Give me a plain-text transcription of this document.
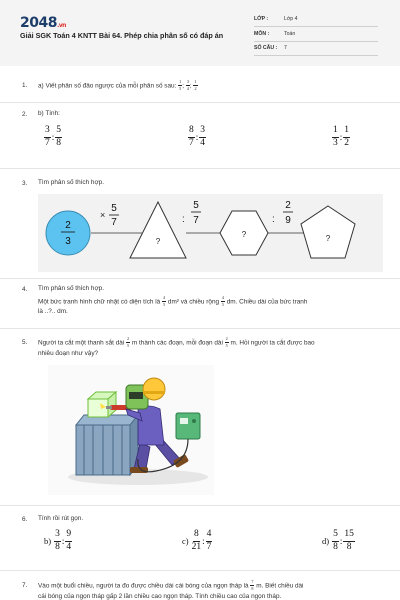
2048.vn
Giải SGK Toán 4 KNTT Bài 64. Phép chia phân số có đáp án
LỚP :	Lớp 4
MÔN :	Toán
SỐ CÂU : 7
1. a) Viết phân số đảo ngược của mỗi phân số sau: $\frac{1}{5}$ ; $\frac{3}{4}$ ; $\frac{1}{2}$
2. b) Tính:
$\frac{3}{7}$ : $\frac{5}{8}$	$\frac{8}{7}$ : $\frac{3}{4}$	$\frac{1}{3}$ : $\frac{1}{2}$
3. Tìm phân số thích hợp.
2
3
×
5
7
?
:
5
7
?
:
2
9
?
4. Tìm phân số thích hợp.
Một bức tranh hình chữ nhật có diện tích là $\frac{4}{5} dm^2$ và chiều rộng $\frac{4}{5}$ dm. Chiều dài của bức tranh
là ..?.. dm.
5. Người ta cắt một thanh sắt dài $\frac{2}{5}$ m thành các đoạn, mỗi đoạn dài $\frac{2}{5} m$. Hỏi người ta cắt được bao
nhiêu đoạn như vậy?
6. Tính rồi rút gọn.
$b) \frac{3}{8}$ : $\frac{9}{4}$	$c) \frac{8}{21}$ : $\frac{4}{7}$	$d) \frac{5}{8}$ : $\frac{15}{8}$
7. Vào một buổi chiều, người ta đo được chiều dài cái bóng của ngọn tháp là $\frac{7}{8} m$. Biết chiều dài
cái bóng của ngọn tháp gấp 2 lần chiều cao ngọn tháp. Tính chiều cao của ngọn tháp.
